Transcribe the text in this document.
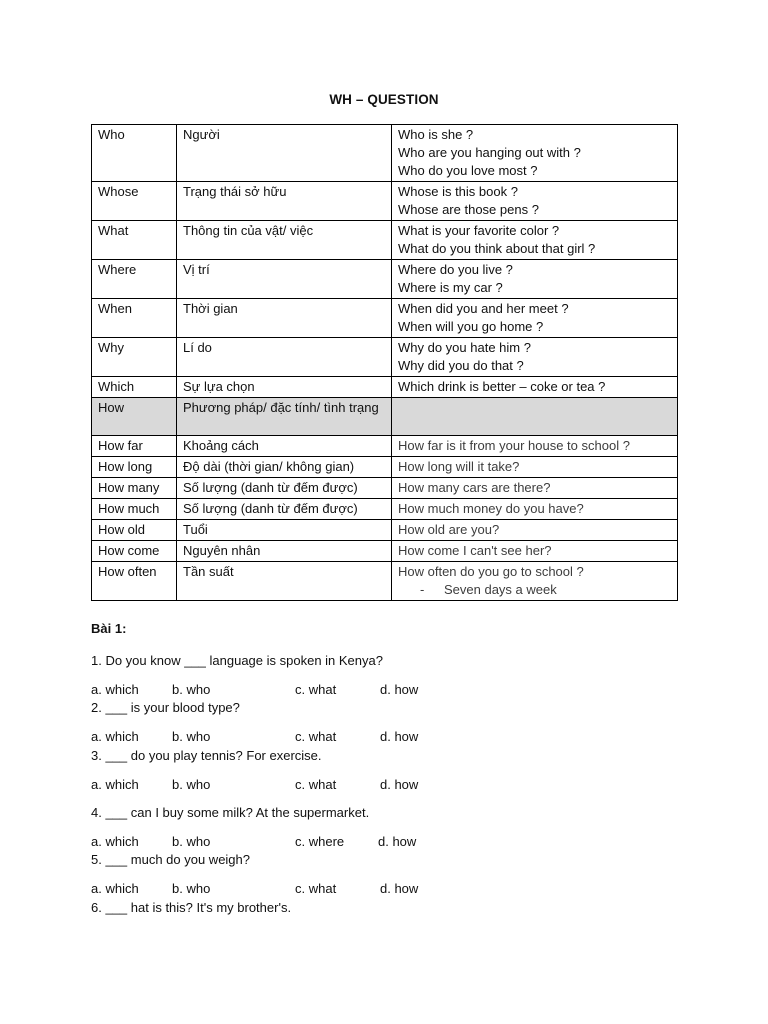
WH – QUESTION
Who	Người	Who is she ?
Who are you hanging out with ?
Who do you love most ?

Whose	Trạng thái sở hữu	Whose is this book ?
Whose are those pens ?

What	Thông tin của vật/ việc	What is your favorite color ?
What do you think about that girl ?

Where	Vị trí	Where do you live ?
Where is my car ?

When	Thời gian	When did you and her meet ?
When will you go home ?

Why	Lí do	Why do you hate him ?
Why did you do that ?

Which	Sự lựa chọn	Which drink is better – coke or tea ?

How	Phương pháp/ đặc tính/ tình trạng	
How far	Khoảng cách	How far is it from your house to school ?

How long	Độ dài (thời gian/ không gian)	How long will it take?

How many	Số lượng (danh từ đếm được)	How many cars are there?

How much	Số lượng (danh từ đếm được)	How much money do you have?

How old	Tuổi	How old are you?

How come	Nguyên nhân	How come I can't see her?

How often	Tần suất	How often do you go to school ?
- Seven days a week
Bài 1:
1. Do you know ___ language is spoken in Kenya?
a. which	b. who	c. what	d. how
2. ___ is your blood type?
a. which	b. who	c. what	d. how
3. ___ do you play tennis? For exercise.
a. which	b. who	c. what	d. how
4. ___ can I buy some milk? At the supermarket.
a. which	b. who	c. where	d. how
5. ___ much do you weigh?
a. which	b. who	c. what	d. how
6. ___ hat is this? It's my brother's.
